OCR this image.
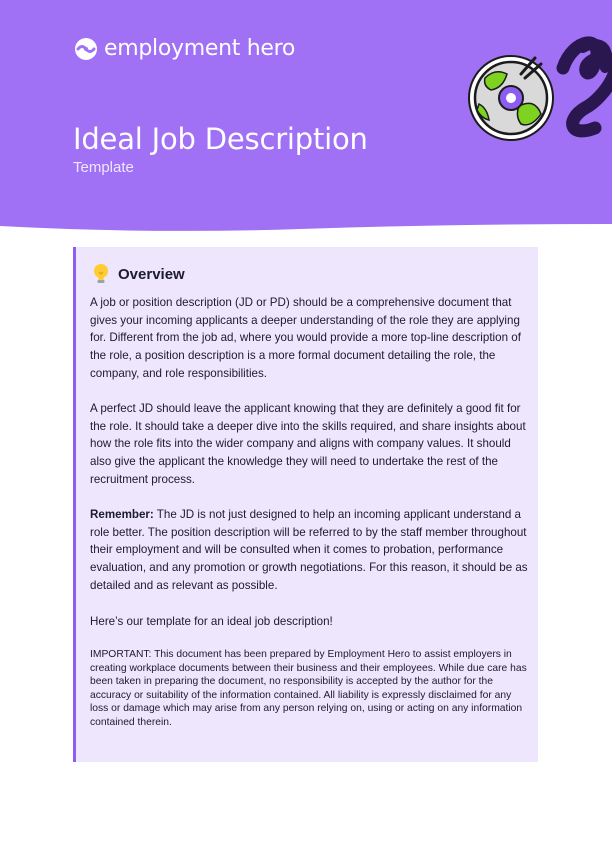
employment hero
Ideal Job Description
Template
Overview

A job or position description (JD or PD) should be a comprehensive document that gives your incoming applicants a deeper understanding of the role they are applying for. Different from the job ad, where you would provide a more top-line description of the role, a position description is a more formal document detailing the role, the company, and role responsibilities.

A perfect JD should leave the applicant knowing that they are definitely a good fit for the role. It should take a deeper dive into the skills required, and share insights about how the role fits into the wider company and aligns with company values. It should also give the applicant the knowledge they will need to undertake the rest of the recruitment process.

Remember: The JD is not just designed to help an incoming applicant understand a role better. The position description will be referred to by the staff member throughout their employment and will be consulted when it comes to probation, performance evaluation, and any promotion or growth negotiations. For this reason, it should be as detailed and as relevant as possible.

Here’s our template for an ideal job description!

IMPORTANT: This document has been prepared by Employment Hero to assist employers in creating workplace documents between their business and their employees. While due care has been taken in preparing the document, no responsibility is accepted by the author for the accuracy or suitability of the information contained. All liability is expressly disclaimed for any loss or damage which may arise from any person relying on, using or acting on any information contained therein.
